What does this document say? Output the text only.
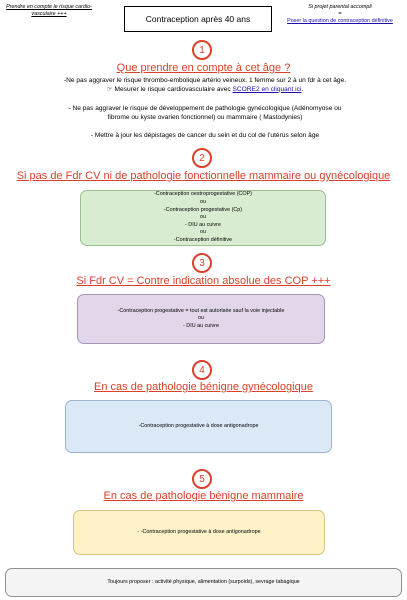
Prendre en compte le risque cardio-vasculaire +++
Si projet parental accompli
=
Poser la question de contraception définitive
Contraception après 40 ans
1
Que prendre en compte à cet âge ?
-Ne pas aggraver le risque thrombo-embolique artério veineux. 1 femme sur 2 à un fdr à cet âge.
☞ Mesurer le risque cardiovasculaire avec SCORE2 en cliquant ici.
- Ne pas aggraver le risque de développement de pathologie gynécologique (Adénomyose ou
fibrome ou kyste ovarien fonctionnel) ou mammaire ( Mastodynies)
- Mettre à jour les dépistages de cancer du sein et du col de l’utérus selon âge
2
Si pas de Fdr CV ni de pathologie fonctionnelle mammaire ou gynécologique
-Contraception oestroprogestative (COP)
ou
-Contraception progestative (Cp)
ou
- DIU au cuivre
ou
-Contraception définitive
3
Si Fdr CV = Contre indication absolue des COP +++
-Contraception progestative = tout est autorisée sauf la voie injectable
ou
- DIU au cuivre
4
En cas de pathologie bénigne gynécologique
-Contraception progestative à dose antigonadrope
5
En cas de pathologie bénigne mammaire
- -Contraception progestative à dose antigonadrope
Toujours proposer : activité physique, alimentation (surpoids), sevrage tabagique
